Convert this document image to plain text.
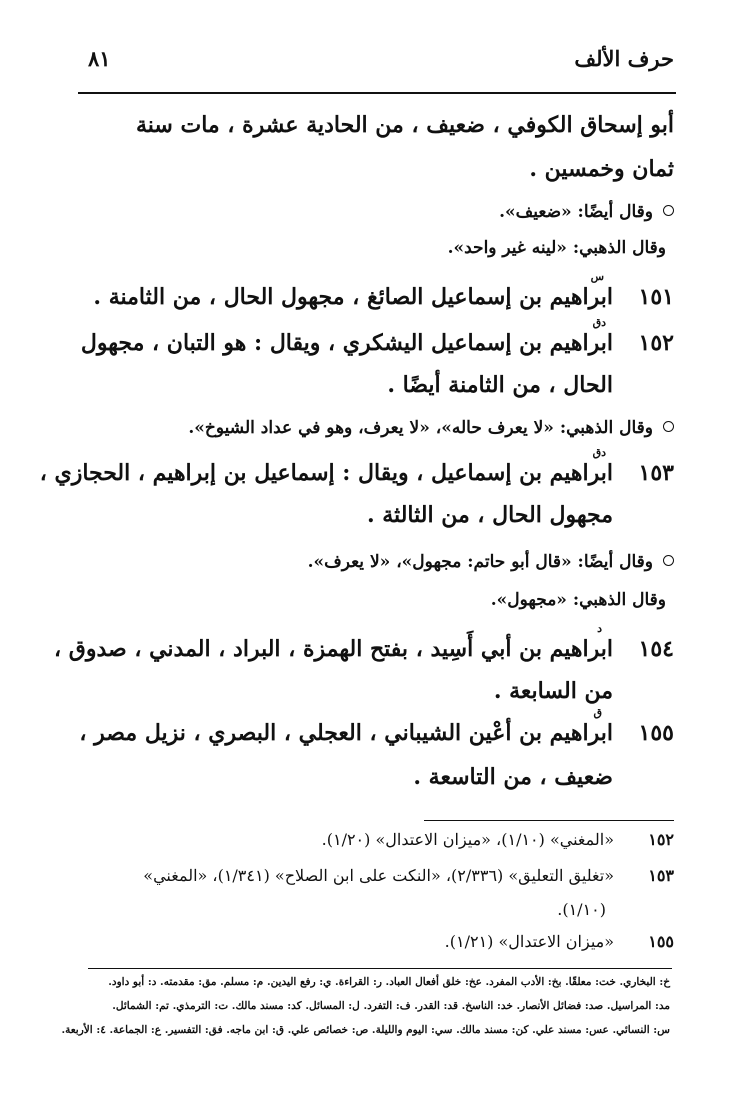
حرف الألف
٨١
أبو إسحاق الكوفي ، ضعيف ، من الحادية عشرة ، مات سنة
ثمان وخمسين .
وقال أيضًا: «ضعيف».
وقال الذهبي: «لينه غير واحد».
س
١٥١
ابراهيم بن إسماعيل الصائغ ، مجهول الحال ، من الثامنة .
دق
١٥٢
ابراهيم بن إسماعيل اليشكري ، ويقال : هو التبان ، مجهول
الحال ، من الثامنة أيضًا .
وقال الذهبي: «لا يعرف حاله»، «لا يعرف، وهو في عداد الشيوخ».
دق
١٥٣
ابراهيم بن إسماعيل ، ويقال : إسماعيل بن إبراهيم ، الحجازي ،
مجهول الحال ، من الثالثة .
وقال أيضًا: «قال أبو حاتم: مجهول»، «لا يعرف».
وقال الذهبي: «مجهول».
د
١٥٤
ابراهيم بن أبي أَسِيد ، بفتح الهمزة ، البراد ، المدني ، صدوق ،
من السابعة .
ق
١٥٥
ابراهيم بن أعْين الشيباني ، العجلي ، البصري ، نزيل مصر ،
ضعيف ، من التاسعة .
١٥٢
«المغني» (١/١٠)، «ميزان الاعتدال» (١/٢٠).
١٥٣
«تغليق التعليق» (٢/٣٣٦)، «النكت على ابن الصلاح» (١/٣٤١)، «المغني»
(١/١٠).
١٥٥
«ميزان الاعتدال» (١/٢١).
خ: البخاري. خت: معلقًا. بخ: الأدب المفرد. عخ: خلق أفعال العباد. ر: القراءة. ي: رفع اليدين. م: مسلم. مق: مقدمته. د: أبو داود.
مد: المراسيل. صد: فضائل الأنصار. خد: الناسخ. قد: القدر. ف: التفرد. ل: المسائل. كد: مسند مالك. ت: الترمذي. تم: الشمائل.
س: النسائي. عس: مسند علي. كن: مسند مالك. سي: اليوم والليلة. ص: خصائص علي. ق: ابن ماجه. فق: التفسير. ع: الجماعة. ٤: الأربعة.
